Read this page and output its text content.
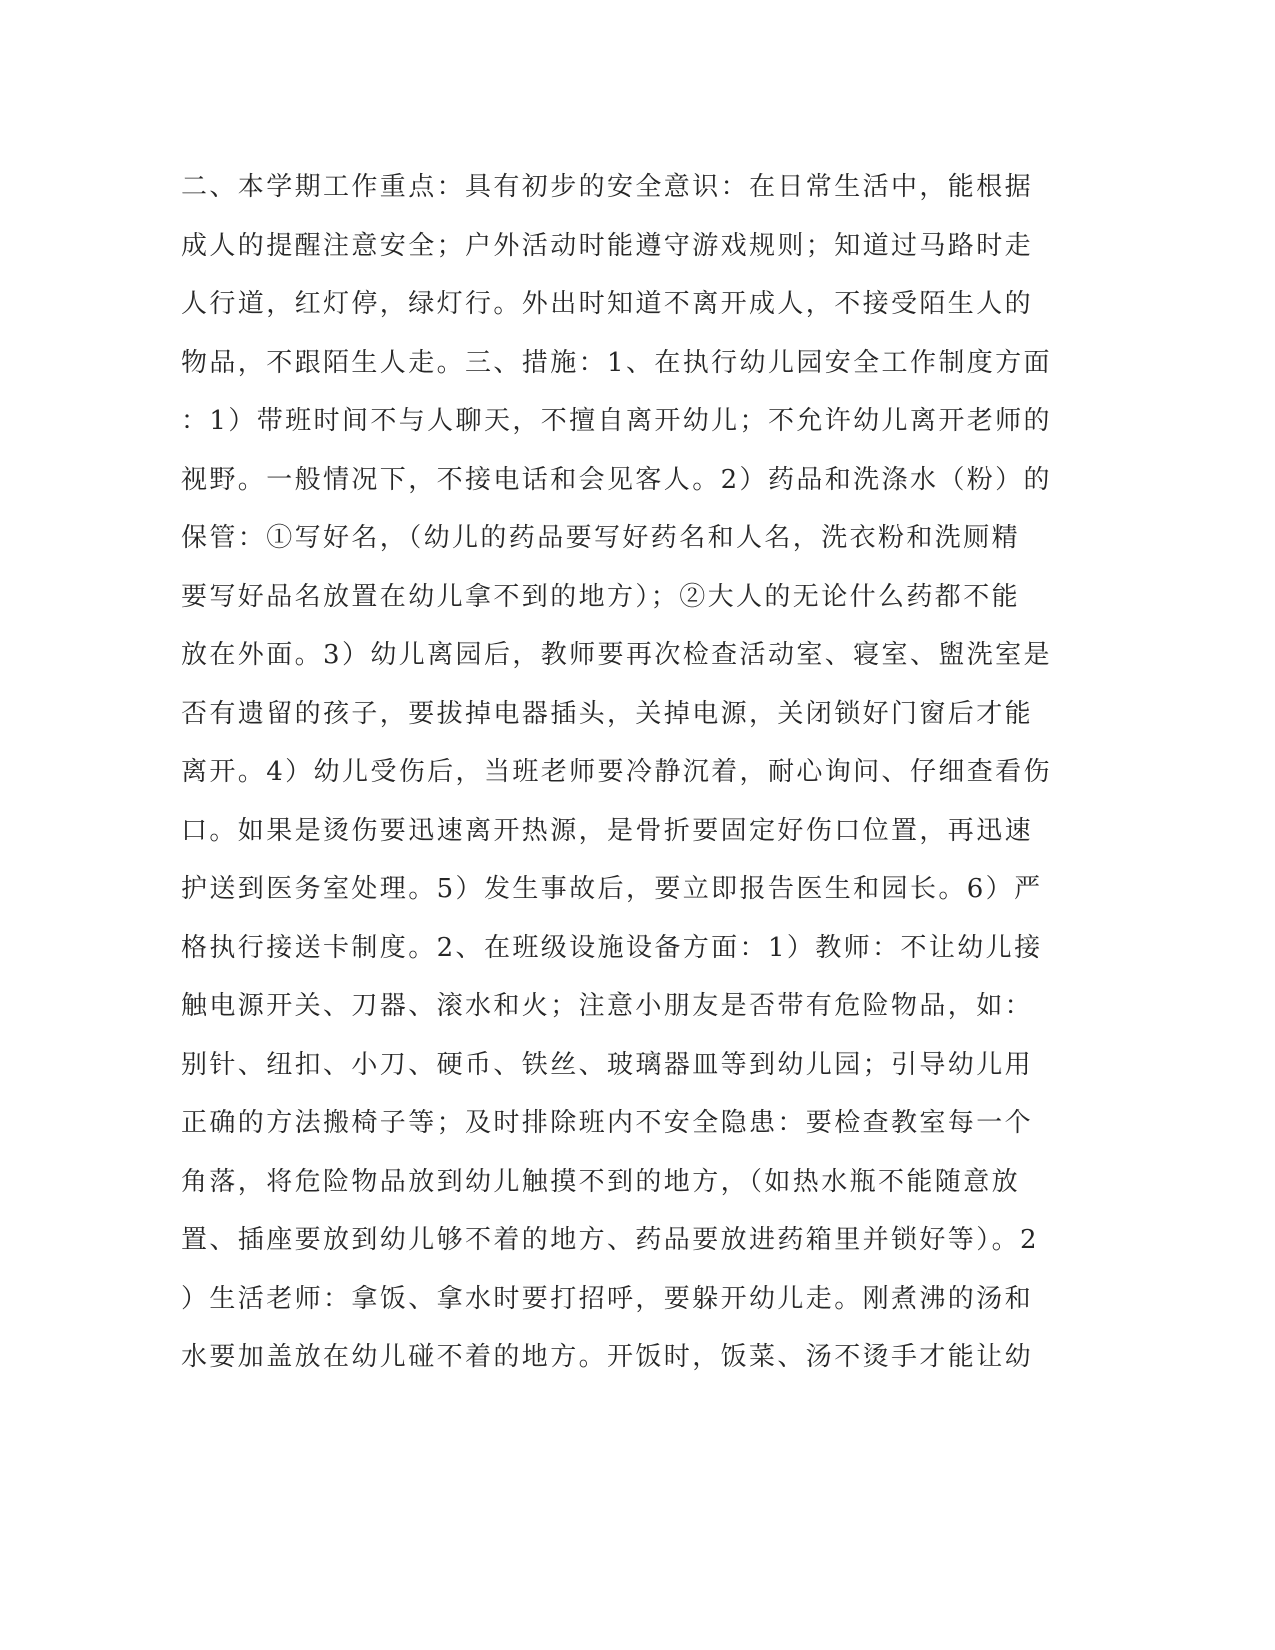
二、本学期工作重点：具有初步的安全意识：在日常生活中，能根据
成人的提醒注意安全；户外活动时能遵守游戏规则；知道过马路时走
人行道，红灯停，绿灯行。外出时知道不离开成人，不接受陌生人的
物品，不跟陌生人走。三、措施：1、在执行幼儿园安全工作制度方面
：1）带班时间不与人聊天，不擅自离开幼儿；不允许幼儿离开老师的
视野。一般情况下，不接电话和会见客人。2）药品和洗涤水（粉）的
保管：①写好名，（幼儿的药品要写好药名和人名，洗衣粉和洗厕精
要写好品名放置在幼儿拿不到的地方）；②大人的无论什么药都不能
放在外面。3）幼儿离园后，教师要再次检查活动室、寝室、盥洗室是
否有遗留的孩子，要拔掉电器插头，关掉电源，关闭锁好门窗后才能
离开。4）幼儿受伤后，当班老师要冷静沉着，耐心询问、仔细查看伤
口。如果是烫伤要迅速离开热源，是骨折要固定好伤口位置，再迅速
护送到医务室处理。5）发生事故后，要立即报告医生和园长。6）严
格执行接送卡制度。2、在班级设施设备方面：1）教师：不让幼儿接
触电源开关、刀器、滚水和火；注意小朋友是否带有危险物品，如：
别针、纽扣、小刀、硬币、铁丝、玻璃器皿等到幼儿园；引导幼儿用
正确的方法搬椅子等；及时排除班内不安全隐患：要检查教室每一个
角落，将危险物品放到幼儿触摸不到的地方，（如热水瓶不能随意放
置、插座要放到幼儿够不着的地方、药品要放进药箱里并锁好等）。2
）生活老师：拿饭、拿水时要打招呼，要躲开幼儿走。刚煮沸的汤和
水要加盖放在幼儿碰不着的地方。开饭时，饭菜、汤不烫手才能让幼
